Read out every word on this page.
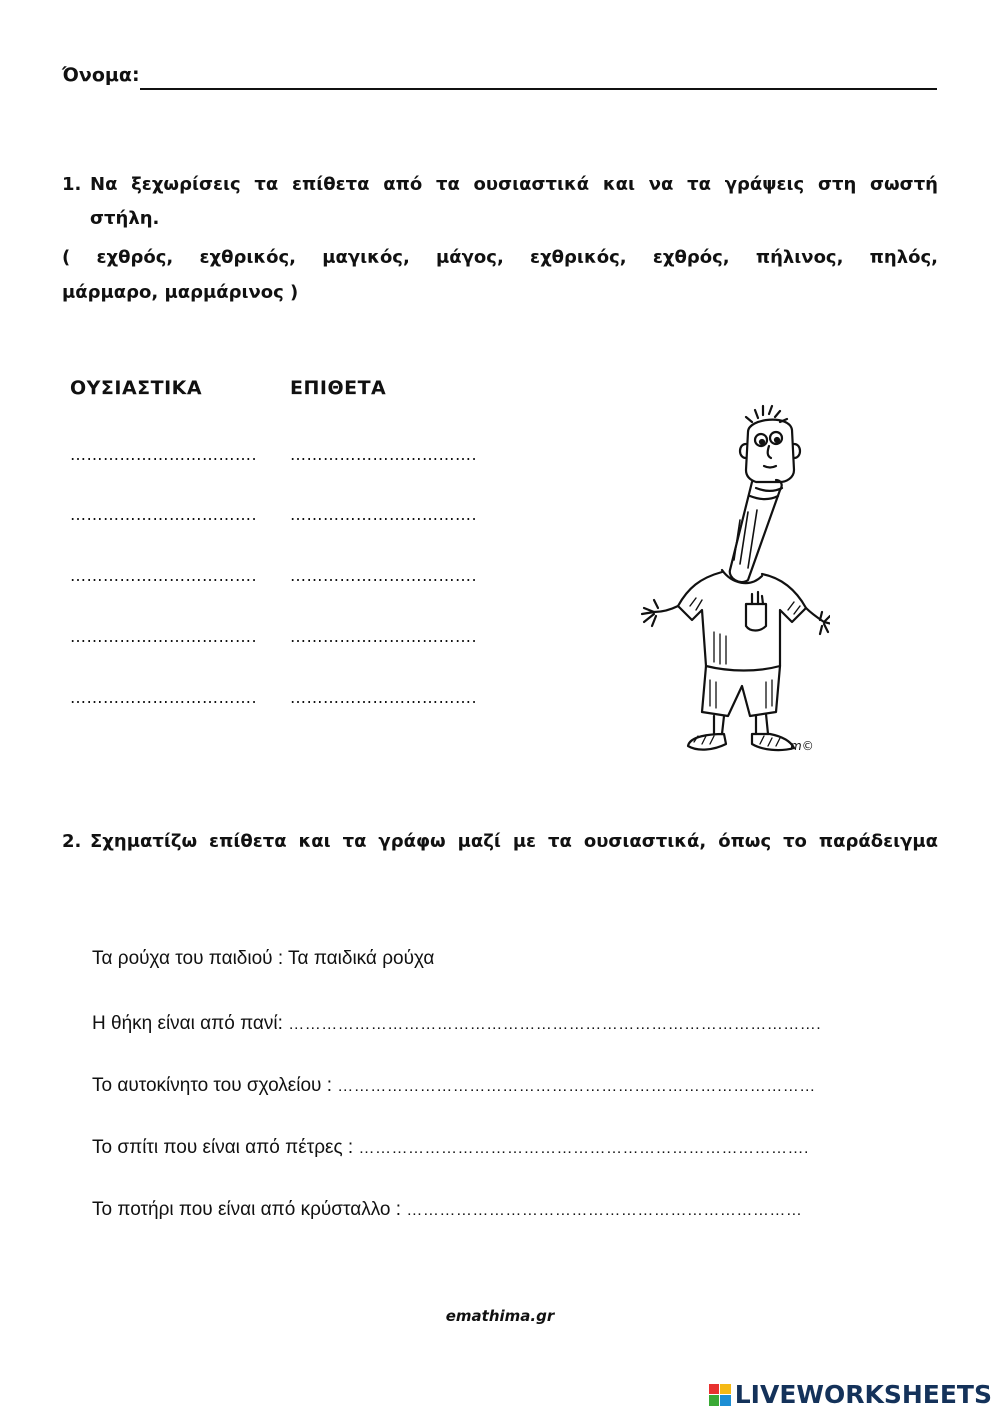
Όνομα:
1. Να ξεχωρίσεις τα επίθετα από τα ουσιαστικά και να τα γράψεις στη σωστή
στήλη.
( εχθρός, εχθρικός, μαγικός, μάγος, εχθρικός, εχθρός, πήλινος, πηλός,
μάρμαρο, μαρμάρινος )
ΟΥΣΙΑΣΤΙΚΑ	ΕΠΙΘΕΤΑ
……………………………. …………………………….
……………………………. …………………………….
……………………………. …………………………….
……………………………. …………………………….
……………………………. …………………………….
m©
2. Σχηματίζω επίθετα και τα γράφω μαζί με τα ουσιαστικά, όπως το παράδειγμα
Τα ρούχα του παιδιού : Τα παιδικά ρούχα
Η θήκη είναι από πανί: …………………………………………………………………………………….
Το αυτοκίνητο του σχολείου : ……………………………………………………………………………
Το σπίτι που είναι από πέτρες : ……………………………………………………………………….
Το ποτήρι που είναι από κρύσταλλο : ………………………………………………………………
emathima.gr
LIVEWORKSHEETS
